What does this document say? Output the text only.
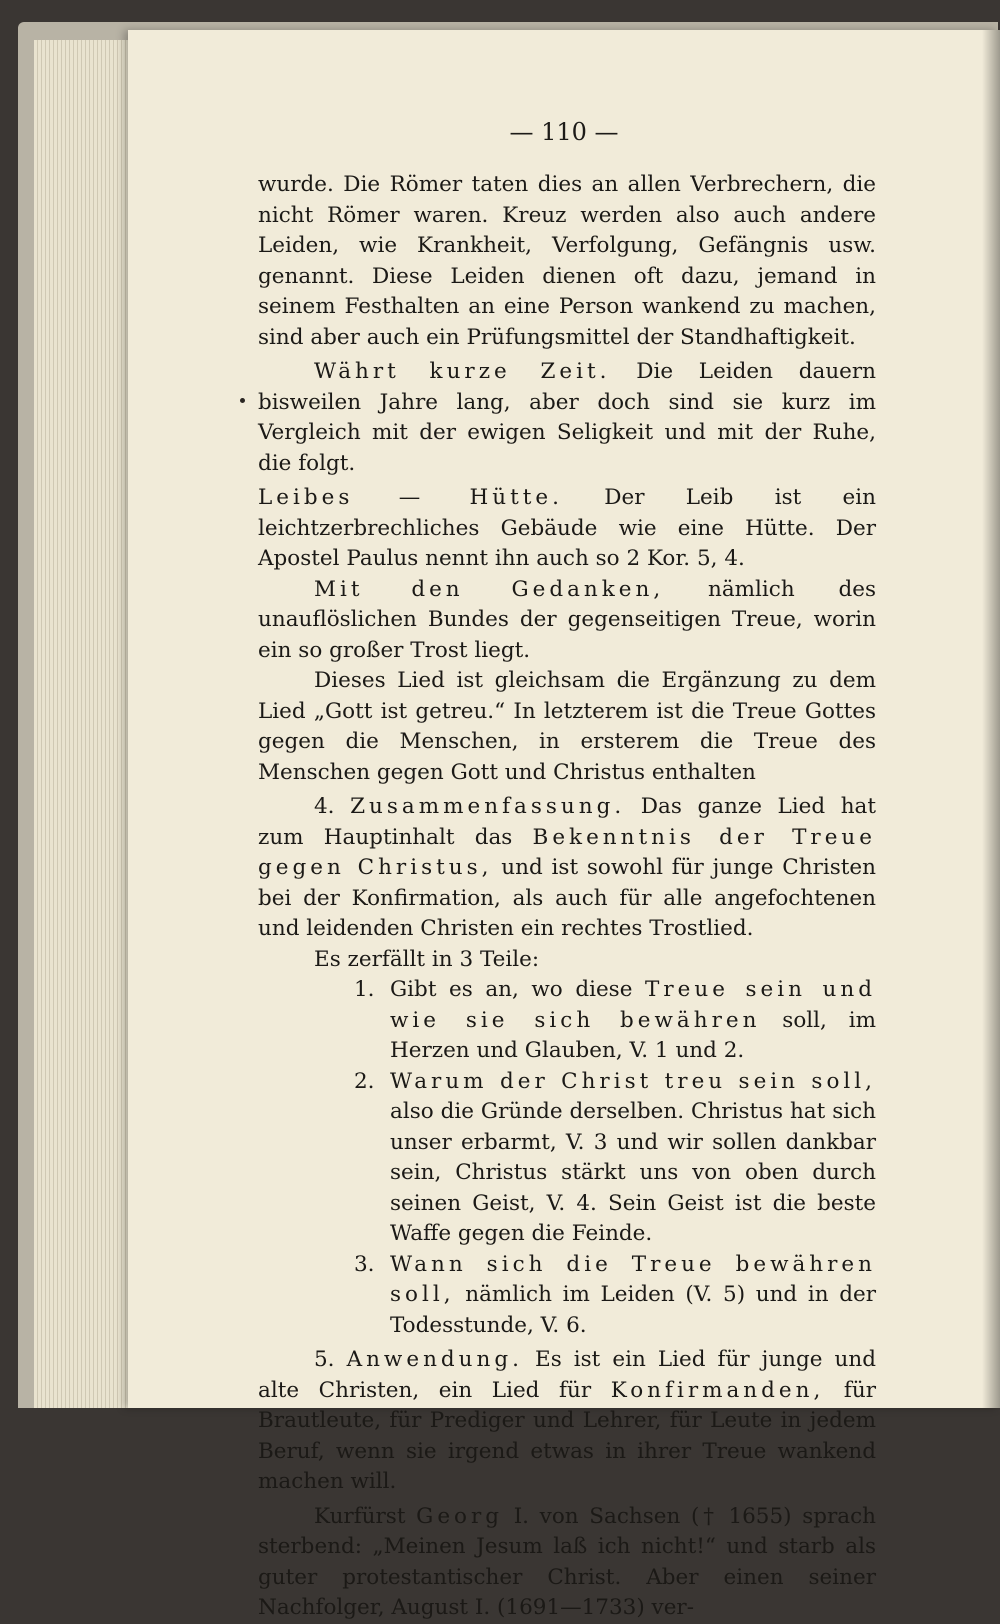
— 110 —

wurde. Die Römer taten dies an allen Verbrechern, die nicht Römer waren. Kreuz werden also auch andere Leiden, wie Krankheit, Verfolgung, Gefängnis usw. genannt. Diese Leiden dienen oft dazu, jemand in seinem Festhalten an eine Person wankend zu machen, sind aber auch ein Prüfungsmittel der Standhaftigkeit.

Währt kurze Zeit. Die Leiden dauern bisweilen Jahre lang, aber doch sind sie kurz im Vergleich mit der ewigen Seligkeit und mit der Ruhe, die folgt.

Leibes — Hütte. Der Leib ist ein leichtzerbrechliches Gebäude wie eine Hütte. Der Apostel Paulus nennt ihn auch so 2 Kor. 5, 4.

Mit den Gedanken, nämlich des unauflöslichen Bundes der gegenseitigen Treue, worin ein so großer Trost liegt.

Dieses Lied ist gleichsam die Ergänzung zu dem Lied „Gott ist getreu.“ In letzterem ist die Treue Gottes gegen die Menschen, in ersterem die Treue des Menschen gegen Gott und Christus enthalten

4. Zusammenfassung. Das ganze Lied hat zum Hauptinhalt das Bekenntnis der Treue gegen Christus, und ist sowohl für junge Christen bei der Konfirmation, als auch für alle angefochtenen und leidenden Christen ein rechtes Trostlied.

Es zerfällt in 3 Teile:

1. Gibt es an, wo diese Treue sein und wie sie sich bewähren soll, im Herzen und Glauben, V. 1 und 2.
2. Warum der Christ treu sein soll, also die Gründe derselben. Christus hat sich unser erbarmt, V. 3 und wir sollen dankbar sein, Christus stärkt uns von oben durch seinen Geist, V. 4. Sein Geist ist die beste Waffe gegen die Feinde.
3. Wann sich die Treue bewähren soll, nämlich im Leiden (V. 5) und in der Todesstunde, V. 6.

5. Anwendung. Es ist ein Lied für junge und alte Christen, ein Lied für Konfirmanden, für Brautleute, für Prediger und Lehrer, für Leute in jedem Beruf, wenn sie irgend etwas in ihrer Treue wankend machen will.

Kurfürst Georg I. von Sachsen († 1655) sprach sterbend: „Meinen Jesum laß ich nicht!“ und starb als guter protestantischer Christ. Aber einen seiner Nachfolger, August I. (1691—1733) ver-
